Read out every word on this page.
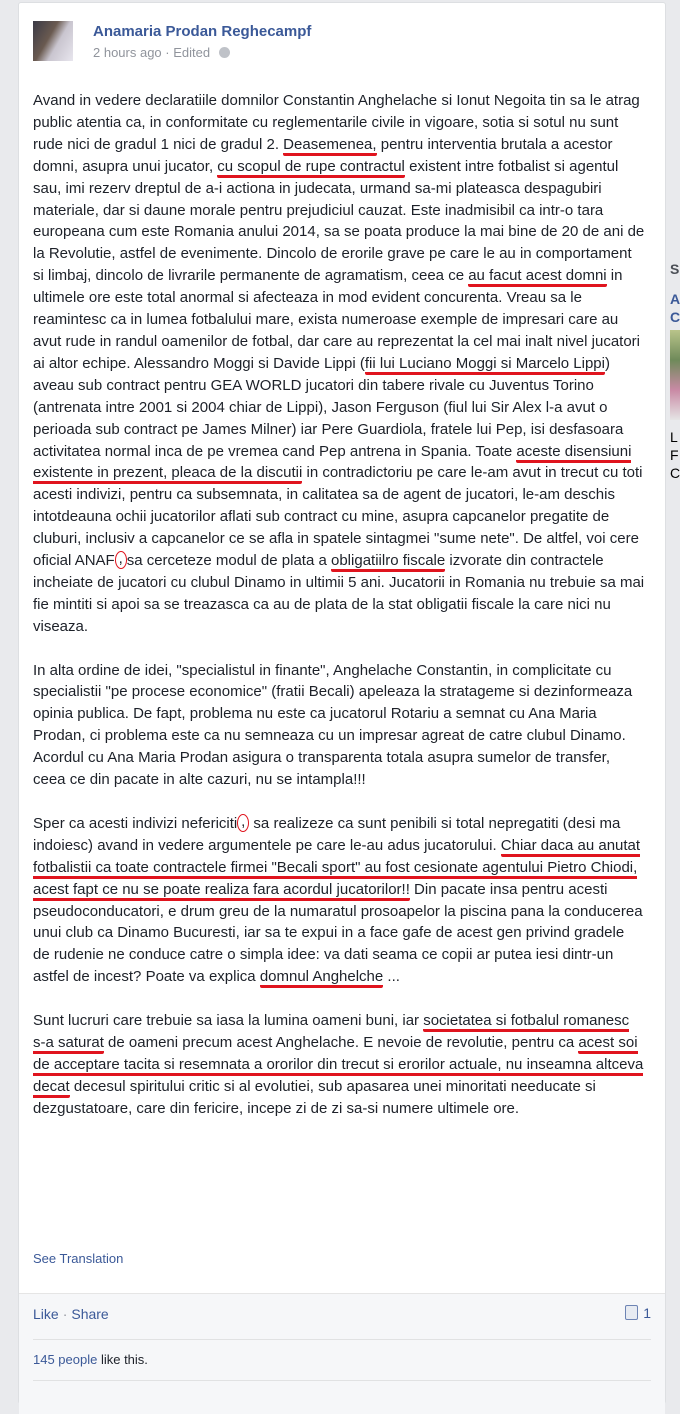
Anamaria Prodan Reghecampf
2 hours ago · Edited

Avand in vedere declaratiile domnilor Constantin Anghelache si Ionut Negoita tin sa le atrag public atentia ca, in conformitate cu reglementarile civile in vigoare, sotia si sotul nu sunt rude nici de gradul 1 nici de gradul 2. Deasemenea, pentru interventia brutala a acestor domni, asupra unui jucator, cu scopul de rupe contractul existent intre fotbalist si agentul sau, imi rezerv dreptul de a-i actiona in judecata, urmand sa-mi plateasca despagubiri materiale, dar si daune morale pentru prejudiciul cauzat. Este inadmisibil ca intr-o tara europeana cum este Romania anului 2014, sa se poata produce la mai bine de 20 de ani de la Revolutie, astfel de evenimente. Dincolo de erorile grave pe care le au in comportament si limbaj, dincolo de livrarile permanente de agramatism, ceea ce au facut acest domni in ultimele ore este total anormal si afecteaza in mod evident concurenta. Vreau sa le reamintesc ca in lumea fotbalului mare, exista numeroase exemple de impresari care au avut rude in randul oamenilor de fotbal, dar care au reprezentat la cel mai inalt nivel jucatori ai altor echipe. Alessandro Moggi si Davide Lippi (fii lui Luciano Moggi si Marcelo Lippi) aveau sub contract pentru GEA WORLD jucatori din tabere rivale cu Juventus Torino (antrenata intre 2001 si 2004 chiar de Lippi), Jason Ferguson (fiul lui Sir Alex l-a avut o perioada sub contract pe James Milner) iar Pere Guardiola, fratele lui Pep, isi desfasoara activitatea normal inca de pe vremea cand Pep antrena in Spania. Toate aceste disensiuni existente in prezent, pleaca de la discutii in contradictoriu pe care le-am avut in trecut cu toti acesti indivizi, pentru ca subsemnata, in calitatea sa de agent de jucatori, le-am deschis intotdeauna ochii jucatorilor aflati sub contract cu mine, asupra capcanelor pregatite de cluburi, inclusiv a capcanelor ce se afla in spatele sintagmei "sume nete". De altfel, voi cere oficial ANAF , sa cerceteze modul de plata a obligatiilro fiscale izvorate din contractele incheiate de jucatori cu clubul Dinamo in ultimii 5 ani. Jucatorii in Romania nu trebuie sa mai fie mintiti si apoi sa se treazasca ca au de plata de la stat obligatii fiscale la care nici nu viseaza.

In alta ordine de idei, "specialistul in finante", Anghelache Constantin, in complicitate cu specialistii "pe procese economice" (fratii Becali) apeleaza la stratageme si dezinformeaza opinia publica. De fapt, problema nu este ca jucatorul Rotariu a semnat cu Ana Maria Prodan, ci problema este ca nu semneaza cu un impresar agreat de catre clubul Dinamo. Acordul cu Ana Maria Prodan asigura o transparenta totala asupra sumelor de transfer, ceea ce din pacate in alte cazuri, nu se intampla!!!

Sper ca acesti indivizi nefericiti , sa realizeze ca sunt penibili si total nepregatiti (desi ma indoiesc) avand in vedere argumentele pe care le-au adus jucatorului. Chiar daca au anutat fotbalistii ca toate contractele firmei "Becali sport" au fost cesionate agentului Pietro Chiodi, acest fapt ce nu se poate realiza fara acordul jucatorilor!! Din pacate insa pentru acesti pseudoconducatori, e drum greu de la numaratul prosoapelor la piscina pana la conducerea unui club ca Dinamo Bucuresti, iar sa te expui in a face gafe de acest gen privind gradele de rudenie ne conduce catre o simpla idee: va dati seama ce copii ar putea iesi dintr-un astfel de incest? Poate va explica domnul Anghelche ...

Sunt lucruri care trebuie sa iasa la lumina oameni buni, iar societatea si fotbalul romanesc s-a saturat de oameni precum acest Anghelache. E nevoie de revolutie, pentru ca acest soi de acceptare tacita si resemnata a ororilor din trecut si erorilor actuale, nu inseamna altceva decat decesul spiritului critic si al evolutiei, sub apasarea unei minoritati needucate si dezgustatoare, care din fericire, incepe zi de zi sa-si numere ultimele ore.

See Translation
Like · Share	1
145 people like this.
S
A
C
L
F
C
